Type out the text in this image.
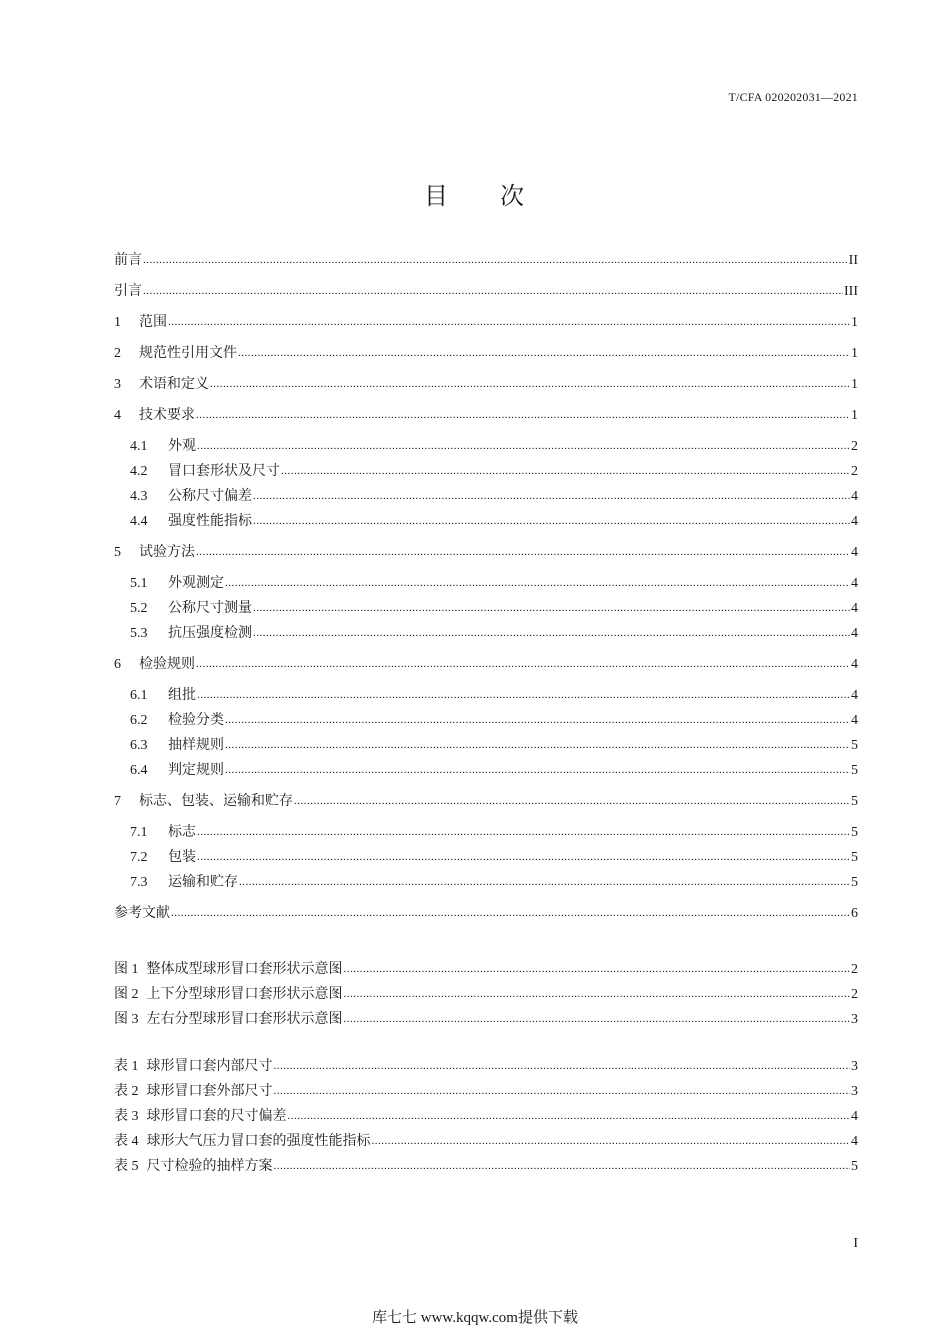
T/CFA 020202031—2021
目 次
前言 .....	II
引言 .....	III
1 范围 .....	1
2 规范性引用文件 .....	1
3 术语和定义 .....	1
4 技术要求 .....	1
4.1 外观 .....	2
4.2 冒口套形状及尺寸 .....	2
4.3 公称尺寸偏差 .....	4
4.4 强度性能指标 .....	4
5 试验方法 .....	4
5.1 外观测定 .....	4
5.2 公称尺寸测量 .....	4
5.3 抗压强度检测 .....	4
6 检验规则 .....	4
6.1 组批 .....	4
6.2 检验分类 .....	4
6.3 抽样规则 .....	5
6.4 判定规则 .....	5
7 标志、包装、运输和贮存 .....	5
7.1 标志 .....	5
7.2 包装 .....	5
7.3 运输和贮存 .....	5
参考文献 .....	6
图 1 整体成型球形冒口套形状示意图 .....	2
图 2 上下分型球形冒口套形状示意图 .....	2
图 3 左右分型球形冒口套形状示意图 .....	3
表 1 球形冒口套内部尺寸 .....	3
表 2 球形冒口套外部尺寸 .....	3
表 3 球形冒口套的尺寸偏差 .....	4
表 4 球形大气压力冒口套的强度性能指标 .....	4
表 5 尺寸检验的抽样方案 .....	5
I
库七七 www.kqqw.com提供下载
